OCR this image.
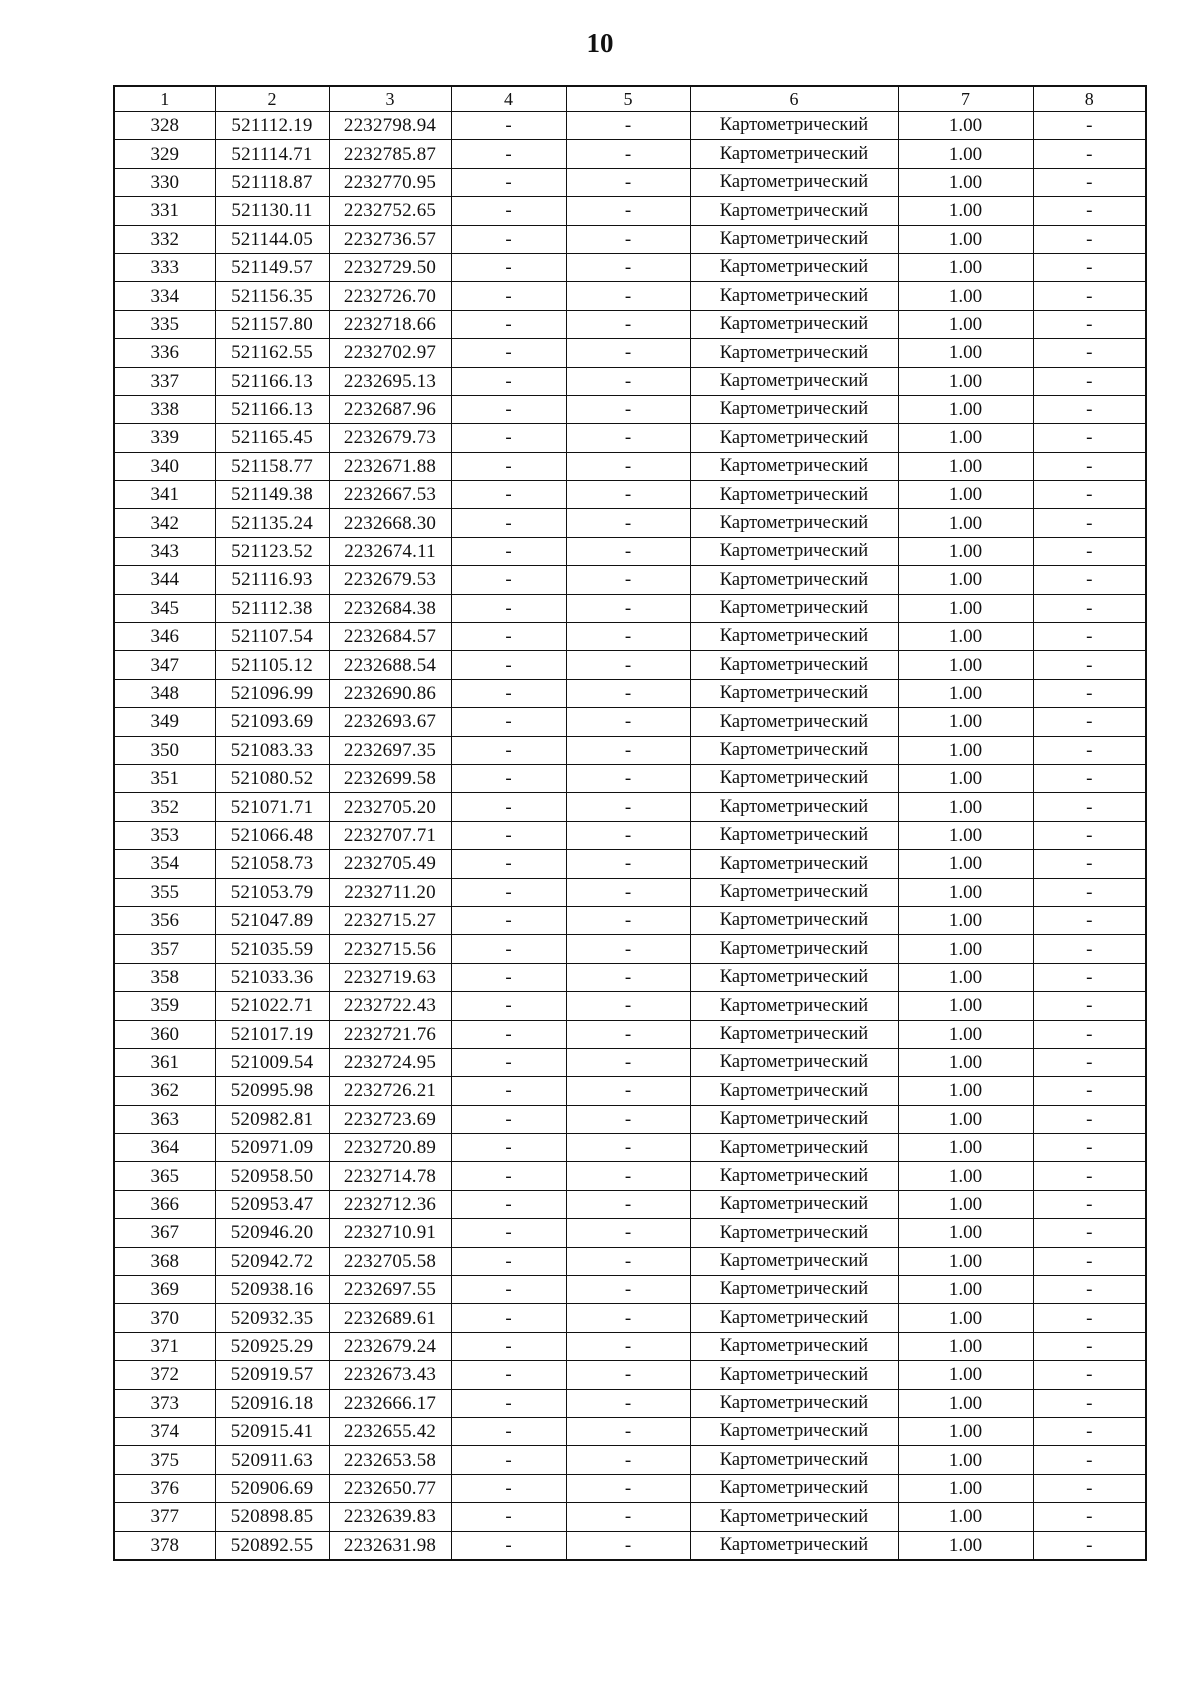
10
1	2	3	4	5	6	7	8
328	521112.19	2232798.94	-	-	Картометрический	1.00	-
329	521114.71	2232785.87	-	-	Картометрический	1.00	-
330	521118.87	2232770.95	-	-	Картометрический	1.00	-
331	521130.11	2232752.65	-	-	Картометрический	1.00	-
332	521144.05	2232736.57	-	-	Картометрический	1.00	-
333	521149.57	2232729.50	-	-	Картометрический	1.00	-
334	521156.35	2232726.70	-	-	Картометрический	1.00	-
335	521157.80	2232718.66	-	-	Картометрический	1.00	-
336	521162.55	2232702.97	-	-	Картометрический	1.00	-
337	521166.13	2232695.13	-	-	Картометрический	1.00	-
338	521166.13	2232687.96	-	-	Картометрический	1.00	-
339	521165.45	2232679.73	-	-	Картометрический	1.00	-
340	521158.77	2232671.88	-	-	Картометрический	1.00	-
341	521149.38	2232667.53	-	-	Картометрический	1.00	-
342	521135.24	2232668.30	-	-	Картометрический	1.00	-
343	521123.52	2232674.11	-	-	Картометрический	1.00	-
344	521116.93	2232679.53	-	-	Картометрический	1.00	-
345	521112.38	2232684.38	-	-	Картометрический	1.00	-
346	521107.54	2232684.57	-	-	Картометрический	1.00	-
347	521105.12	2232688.54	-	-	Картометрический	1.00	-
348	521096.99	2232690.86	-	-	Картометрический	1.00	-
349	521093.69	2232693.67	-	-	Картометрический	1.00	-
350	521083.33	2232697.35	-	-	Картометрический	1.00	-
351	521080.52	2232699.58	-	-	Картометрический	1.00	-
352	521071.71	2232705.20	-	-	Картометрический	1.00	-
353	521066.48	2232707.71	-	-	Картометрический	1.00	-
354	521058.73	2232705.49	-	-	Картометрический	1.00	-
355	521053.79	2232711.20	-	-	Картометрический	1.00	-
356	521047.89	2232715.27	-	-	Картометрический	1.00	-
357	521035.59	2232715.56	-	-	Картометрический	1.00	-
358	521033.36	2232719.63	-	-	Картометрический	1.00	-
359	521022.71	2232722.43	-	-	Картометрический	1.00	-
360	521017.19	2232721.76	-	-	Картометрический	1.00	-
361	521009.54	2232724.95	-	-	Картометрический	1.00	-
362	520995.98	2232726.21	-	-	Картометрический	1.00	-
363	520982.81	2232723.69	-	-	Картометрический	1.00	-
364	520971.09	2232720.89	-	-	Картометрический	1.00	-
365	520958.50	2232714.78	-	-	Картометрический	1.00	-
366	520953.47	2232712.36	-	-	Картометрический	1.00	-
367	520946.20	2232710.91	-	-	Картометрический	1.00	-
368	520942.72	2232705.58	-	-	Картометрический	1.00	-
369	520938.16	2232697.55	-	-	Картометрический	1.00	-
370	520932.35	2232689.61	-	-	Картометрический	1.00	-
371	520925.29	2232679.24	-	-	Картометрический	1.00	-
372	520919.57	2232673.43	-	-	Картометрический	1.00	-
373	520916.18	2232666.17	-	-	Картометрический	1.00	-
374	520915.41	2232655.42	-	-	Картометрический	1.00	-
375	520911.63	2232653.58	-	-	Картометрический	1.00	-
376	520906.69	2232650.77	-	-	Картометрический	1.00	-
377	520898.85	2232639.83	-	-	Картометрический	1.00	-
378	520892.55	2232631.98	-	-	Картометрический	1.00	-
